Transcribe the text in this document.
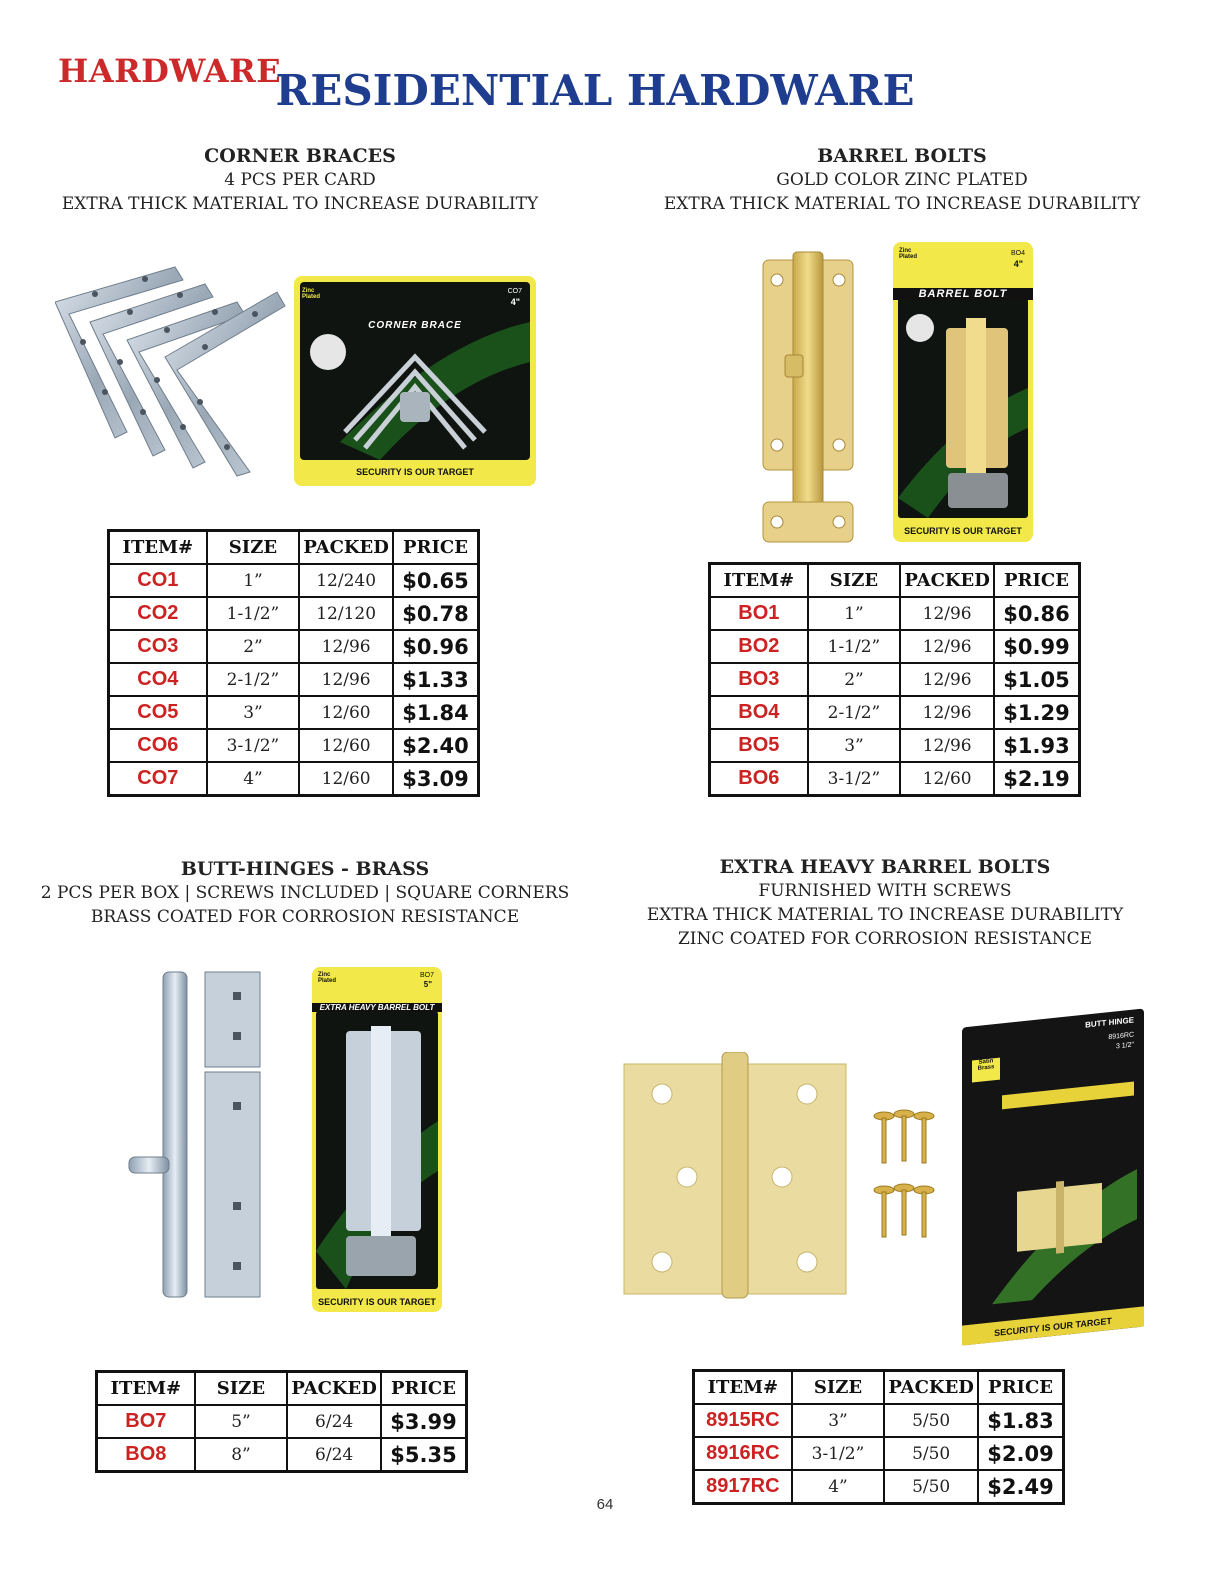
HARDWARE
RESIDENTIAL HARDWARE
CORNER BRACES
4 PCS PER CARD
EXTRA THICK MATERIAL TO INCREASE DURABILITY
Zinc Plated
CO7
4"
CORNER BRACE
SECURITY IS OUR TARGET
ITEM#	SIZE	PACKED	PRICE
CO1	1”	12/240	$0.65
CO2	1-1/2”	12/120	$0.78
CO3	2”	12/96	$0.96
CO4	2-1/2”	12/96	$1.33
CO5	3”	12/60	$1.84
CO6	3-1/2”	12/60	$2.40
CO7	4”	12/60	$3.09
BARREL BOLTS
GOLD COLOR ZINC PLATED
EXTRA THICK MATERIAL TO INCREASE DURABILITY
Zinc Plated	BO4
4"
BARREL BOLT
SECURITY IS OUR TARGET
ITEM#	SIZE	PACKED	PRICE
BO1	1”	12/96	$0.86
BO2	1-1/2”	12/96	$0.99
BO3	2”	12/96	$1.05
BO4	2-1/2”	12/96	$1.29
BO5	3”	12/96	$1.93
BO6	3-1/2”	12/60	$2.19
BUTT-HINGES - BRASS
2 PCS PER BOX | SCREWS INCLUDED | SQUARE CORNERS
BRASS COATED FOR CORROSION RESISTANCE
Zinc Plated
BO7
5"
EXTRA HEAVY BARREL BOLT
SECURITY IS OUR TARGET
ITEM#	SIZE	PACKED	PRICE
BO7	5”	6/24	$3.99
BO8	8”	6/24	$5.35
EXTRA HEAVY BARREL BOLTS
FURNISHED WITH SCREWS
EXTRA THICK MATERIAL TO INCREASE DURABILITY
ZINC COATED FOR CORROSION RESISTANCE
Satin Brass
BUTT HINGE
8916RC
3 1/2"
SECURITY IS OUR TARGET
ITEM#	SIZE	PACKED	PRICE
8915RC	3”	5/50	$1.83
8916RC	3-1/2”	5/50	$2.09
8917RC	4”	5/50	$2.49
64
